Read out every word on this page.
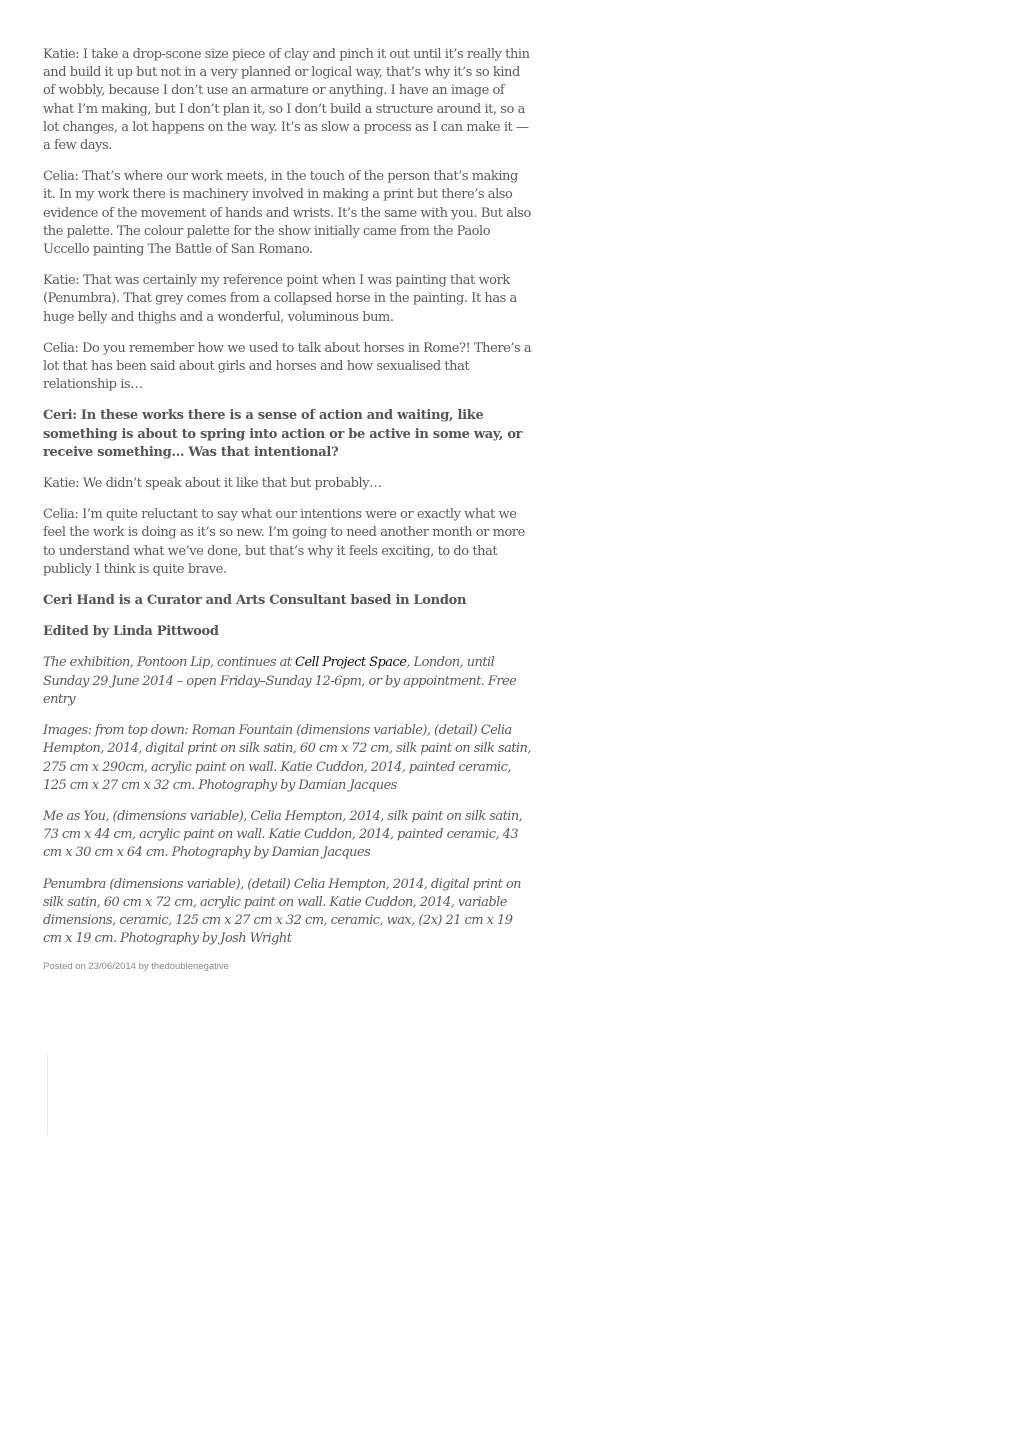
Katie: I take a drop-scone size piece of clay and pinch it out until it’s really thin and build it up but not in a very planned or logical way, that’s why it’s so kind of wobbly, because I don’t use an armature or anything. I have an image of what I’m making, but I don’t plan it, so I don’t build a structure around it, so a lot changes, a lot happens on the way. It’s as slow a process as I can make it — a few days.

Celia: That’s where our work meets, in the touch of the person that’s making it. In my work there is machinery involved in making a print but there’s also evidence of the movement of hands and wrists. It’s the same with you. But also the palette. The colour palette for the show initially came from the Paolo Uccello painting The Battle of San Romano.

Katie: That was certainly my reference point when I was painting that work (Penumbra). That grey comes from a collapsed horse in the painting. It has a huge belly and thighs and a wonderful, voluminous bum.

Celia: Do you remember how we used to talk about horses in Rome?! There’s a lot that has been said about girls and horses and how sexualised that relationship is…

Ceri: In these works there is a sense of action and waiting, like something is about to spring into action or be active in some way, or receive something… Was that intentional?

Katie: We didn’t speak about it like that but probably…

Celia: I’m quite reluctant to say what our intentions were or exactly what we feel the work is doing as it’s so new. I’m going to need another month or more to understand what we’ve done, but that’s why it feels exciting, to do that publicly I think is quite brave.

Ceri Hand is a Curator and Arts Consultant based in London

Edited by Linda Pittwood

The exhibition, Pontoon Lip, continues at Cell Project Space, London, until Sunday 29 June 2014 – open Friday–Sunday 12-6pm, or by appointment. Free entry

Images: from top down: Roman Fountain (dimensions variable), (detail) Celia Hempton, 2014, digital print on silk satin, 60 cm x 72 cm, silk paint on silk satin, 275 cm x 290cm, acrylic paint on wall. Katie Cuddon, 2014, painted ceramic, 125 cm x 27 cm x 32 cm. Photography by Damian Jacques

Me as You, (dimensions variable), Celia Hempton, 2014, silk paint on silk satin, 73 cm x 44 cm, acrylic paint on wall. Katie Cuddon, 2014, painted ceramic, 43 cm x 30 cm x 64 cm. Photography by Damian Jacques

Penumbra (dimensions variable), (detail) Celia Hempton, 2014, digital print on silk satin, 60 cm x 72 cm, acrylic paint on wall. Katie Cuddon, 2014, variable dimensions, ceramic, 125 cm x 27 cm x 32 cm, ceramic, wax, (2x) 21 cm x 19 cm x 19 cm. Photography by Josh Wright

Posted on 23/06/2014 by thedoublenegative
